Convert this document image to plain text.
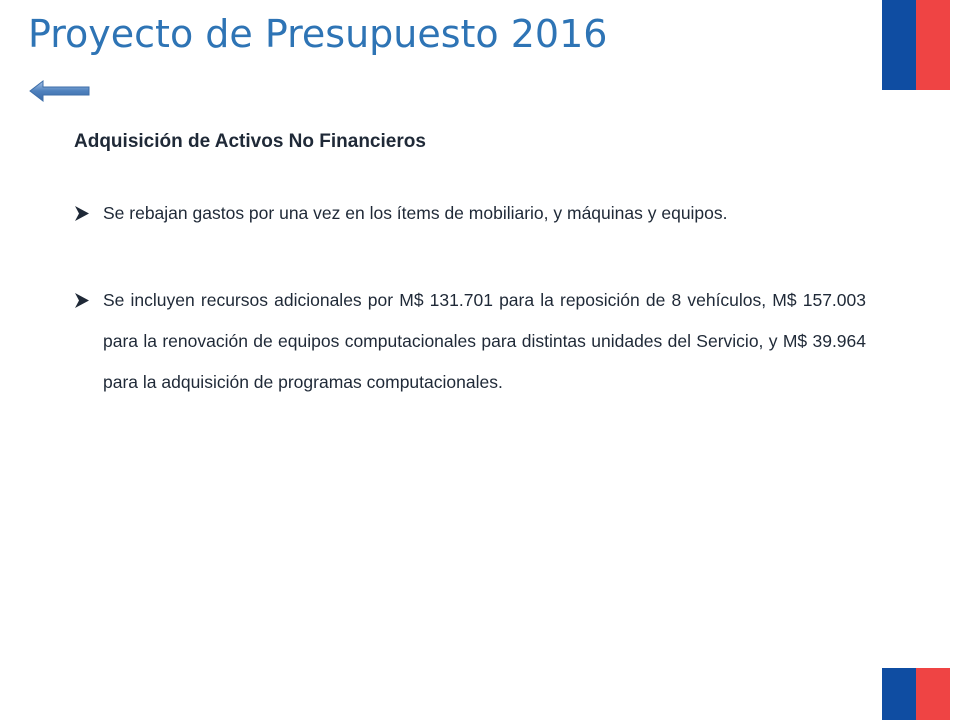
Proyecto de Presupuesto 2016
Adquisición de Activos No Financieros
Se rebajan gastos por una vez en los ítems de mobiliario, y máquinas y equipos.
Se incluyen recursos adicionales por M$ 131.701 para la reposición de 8 vehículos, M$ 157.003 para la renovación de equipos computacionales para distintas unidades del Servicio, y M$ 39.964 para la adquisición de programas computacionales.
